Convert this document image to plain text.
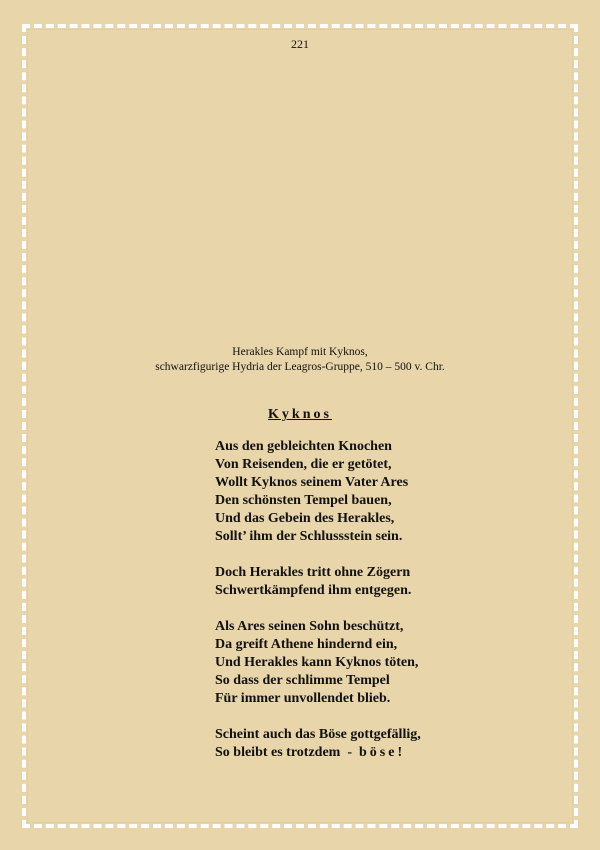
221
Herakles Kampf mit Kyknos,
schwarzfigurige Hydria der Leagros-Gruppe, 510 – 500 v. Chr.
Kyknos
Aus den gebleichten Knochen
Von Reisenden, die er getötet,
Wollt Kyknos seinem Vater Ares
Den schönsten Tempel bauen,
Und das Gebein des Herakles,
Sollt’ ihm der Schlussstein sein.
Doch Herakles tritt ohne Zögern
Schwertkämpfend ihm entgegen.
Als Ares seinen Sohn beschützt,
Da greift Athene hindernd ein,
Und Herakles kann Kyknos töten,
So dass der schlimme Tempel
Für immer unvollendet blieb.
Scheint auch das Böse gottgefällig,
So bleibt es trotzdem  -  böse!
